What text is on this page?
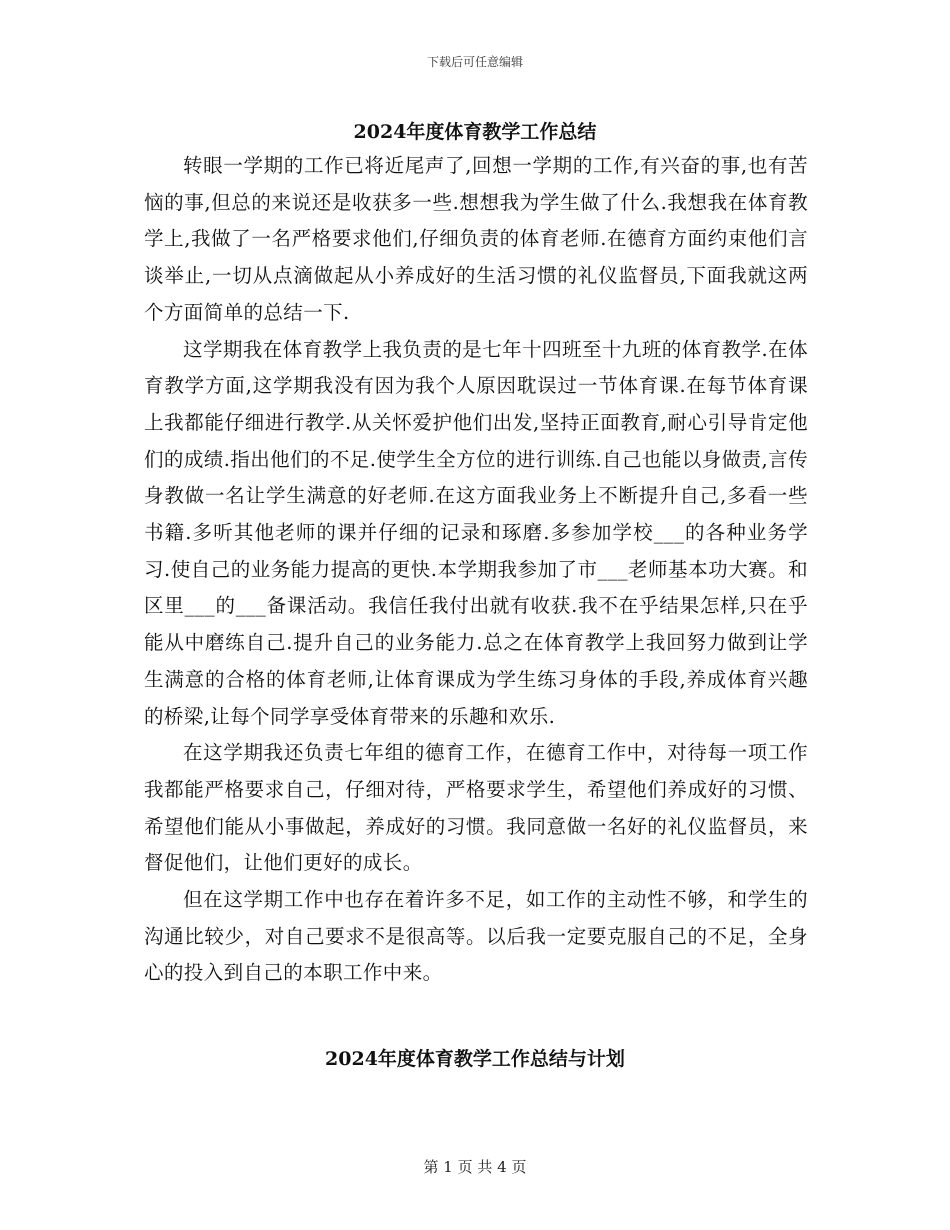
下载后可任意编辑
2024年度体育教学工作总结

转眼一学期的工作已将近尾声了,回想一学期的工作,有兴奋的事,也有苦恼的事,但总的来说还是收获多一些.想想我为学生做了什么.我想我在体育教学上,我做了一名严格要求他们,仔细负责的体育老师.在德育方面约束他们言谈举止,一切从点滴做起从小养成好的生活习惯的礼仪监督员,下面我就这两个方面简单的总结一下.

这学期我在体育教学上我负责的是七年十四班至十九班的体育教学.在体育教学方面,这学期我没有因为我个人原因耽误过一节体育课.在每节体育课上我都能仔细进行教学.从关怀爱护他们出发,坚持正面教育,耐心引导肯定他们的成绩.指出他们的不足.使学生全方位的进行训练.自己也能以身做责,言传身教做一名让学生满意的好老师.在这方面我业务上不断提升自己,多看一些书籍.多听其他老师的课并仔细的记录和琢磨.多参加学校___的各种业务学习.使自己的业务能力提高的更快.本学期我参加了市___老师基本功大赛。和区里___的___备课活动。我信任我付出就有收获.我不在乎结果怎样,只在乎能从中磨练自己.提升自己的业务能力.总之在体育教学上我回努力做到让学生满意的合格的体育老师,让体育课成为学生练习身体的手段,养成体育兴趣的桥梁,让每个同学享受体育带来的乐趣和欢乐.

在这学期我还负责七年组的德育工作，在德育工作中，对待每一项工作我都能严格要求自己，仔细对待，严格要求学生，希望他们养成好的习惯、希望他们能从小事做起，养成好的习惯。我同意做一名好的礼仪监督员，来督促他们，让他们更好的成长。

但在这学期工作中也存在着许多不足，如工作的主动性不够，和学生的沟通比较少，对自己要求不是很高等。以后我一定要克服自己的不足，全身心的投入到自己的本职工作中来。

2024年度体育教学工作总结与计划
第 1 页 共 4 页
